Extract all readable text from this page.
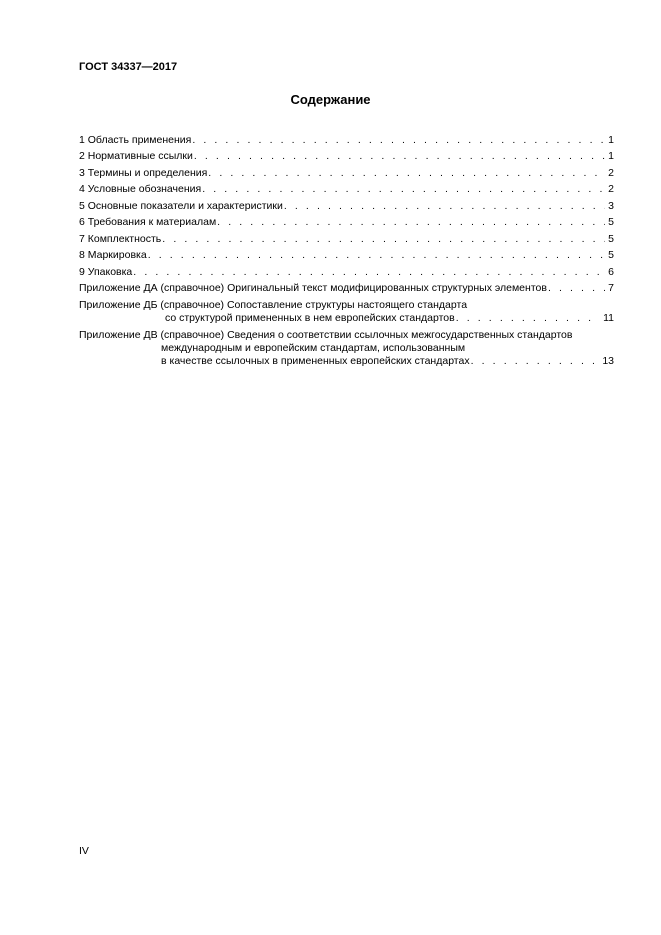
ГОСТ 34337—2017
Содержание
1 Область применения . . .	1
2 Нормативные ссылки . . .	1
3 Термины и определения . . .	2
4 Условные обозначения . . .	2
5 Основные показатели и характеристики . . .	3
6 Требования к материалам . . .	5
7 Комплектность . . .	5
8 Маркировка . . .	5
9 Упаковка . . .	6
Приложение ДА (справочное) Оригинальный текст модифицированных структурных элементов . . .	7
Приложение ДБ (справочное) Сопоставление структуры настоящего стандарта
со структурой примененных в нем европейских стандартов . . .	11
Приложение ДВ (справочное) Сведения о соответствии ссылочных межгосударственных стандартов
международным и европейским стандартам, использованным
в качестве ссылочных в примененных европейских стандартах . . .	13
IV
